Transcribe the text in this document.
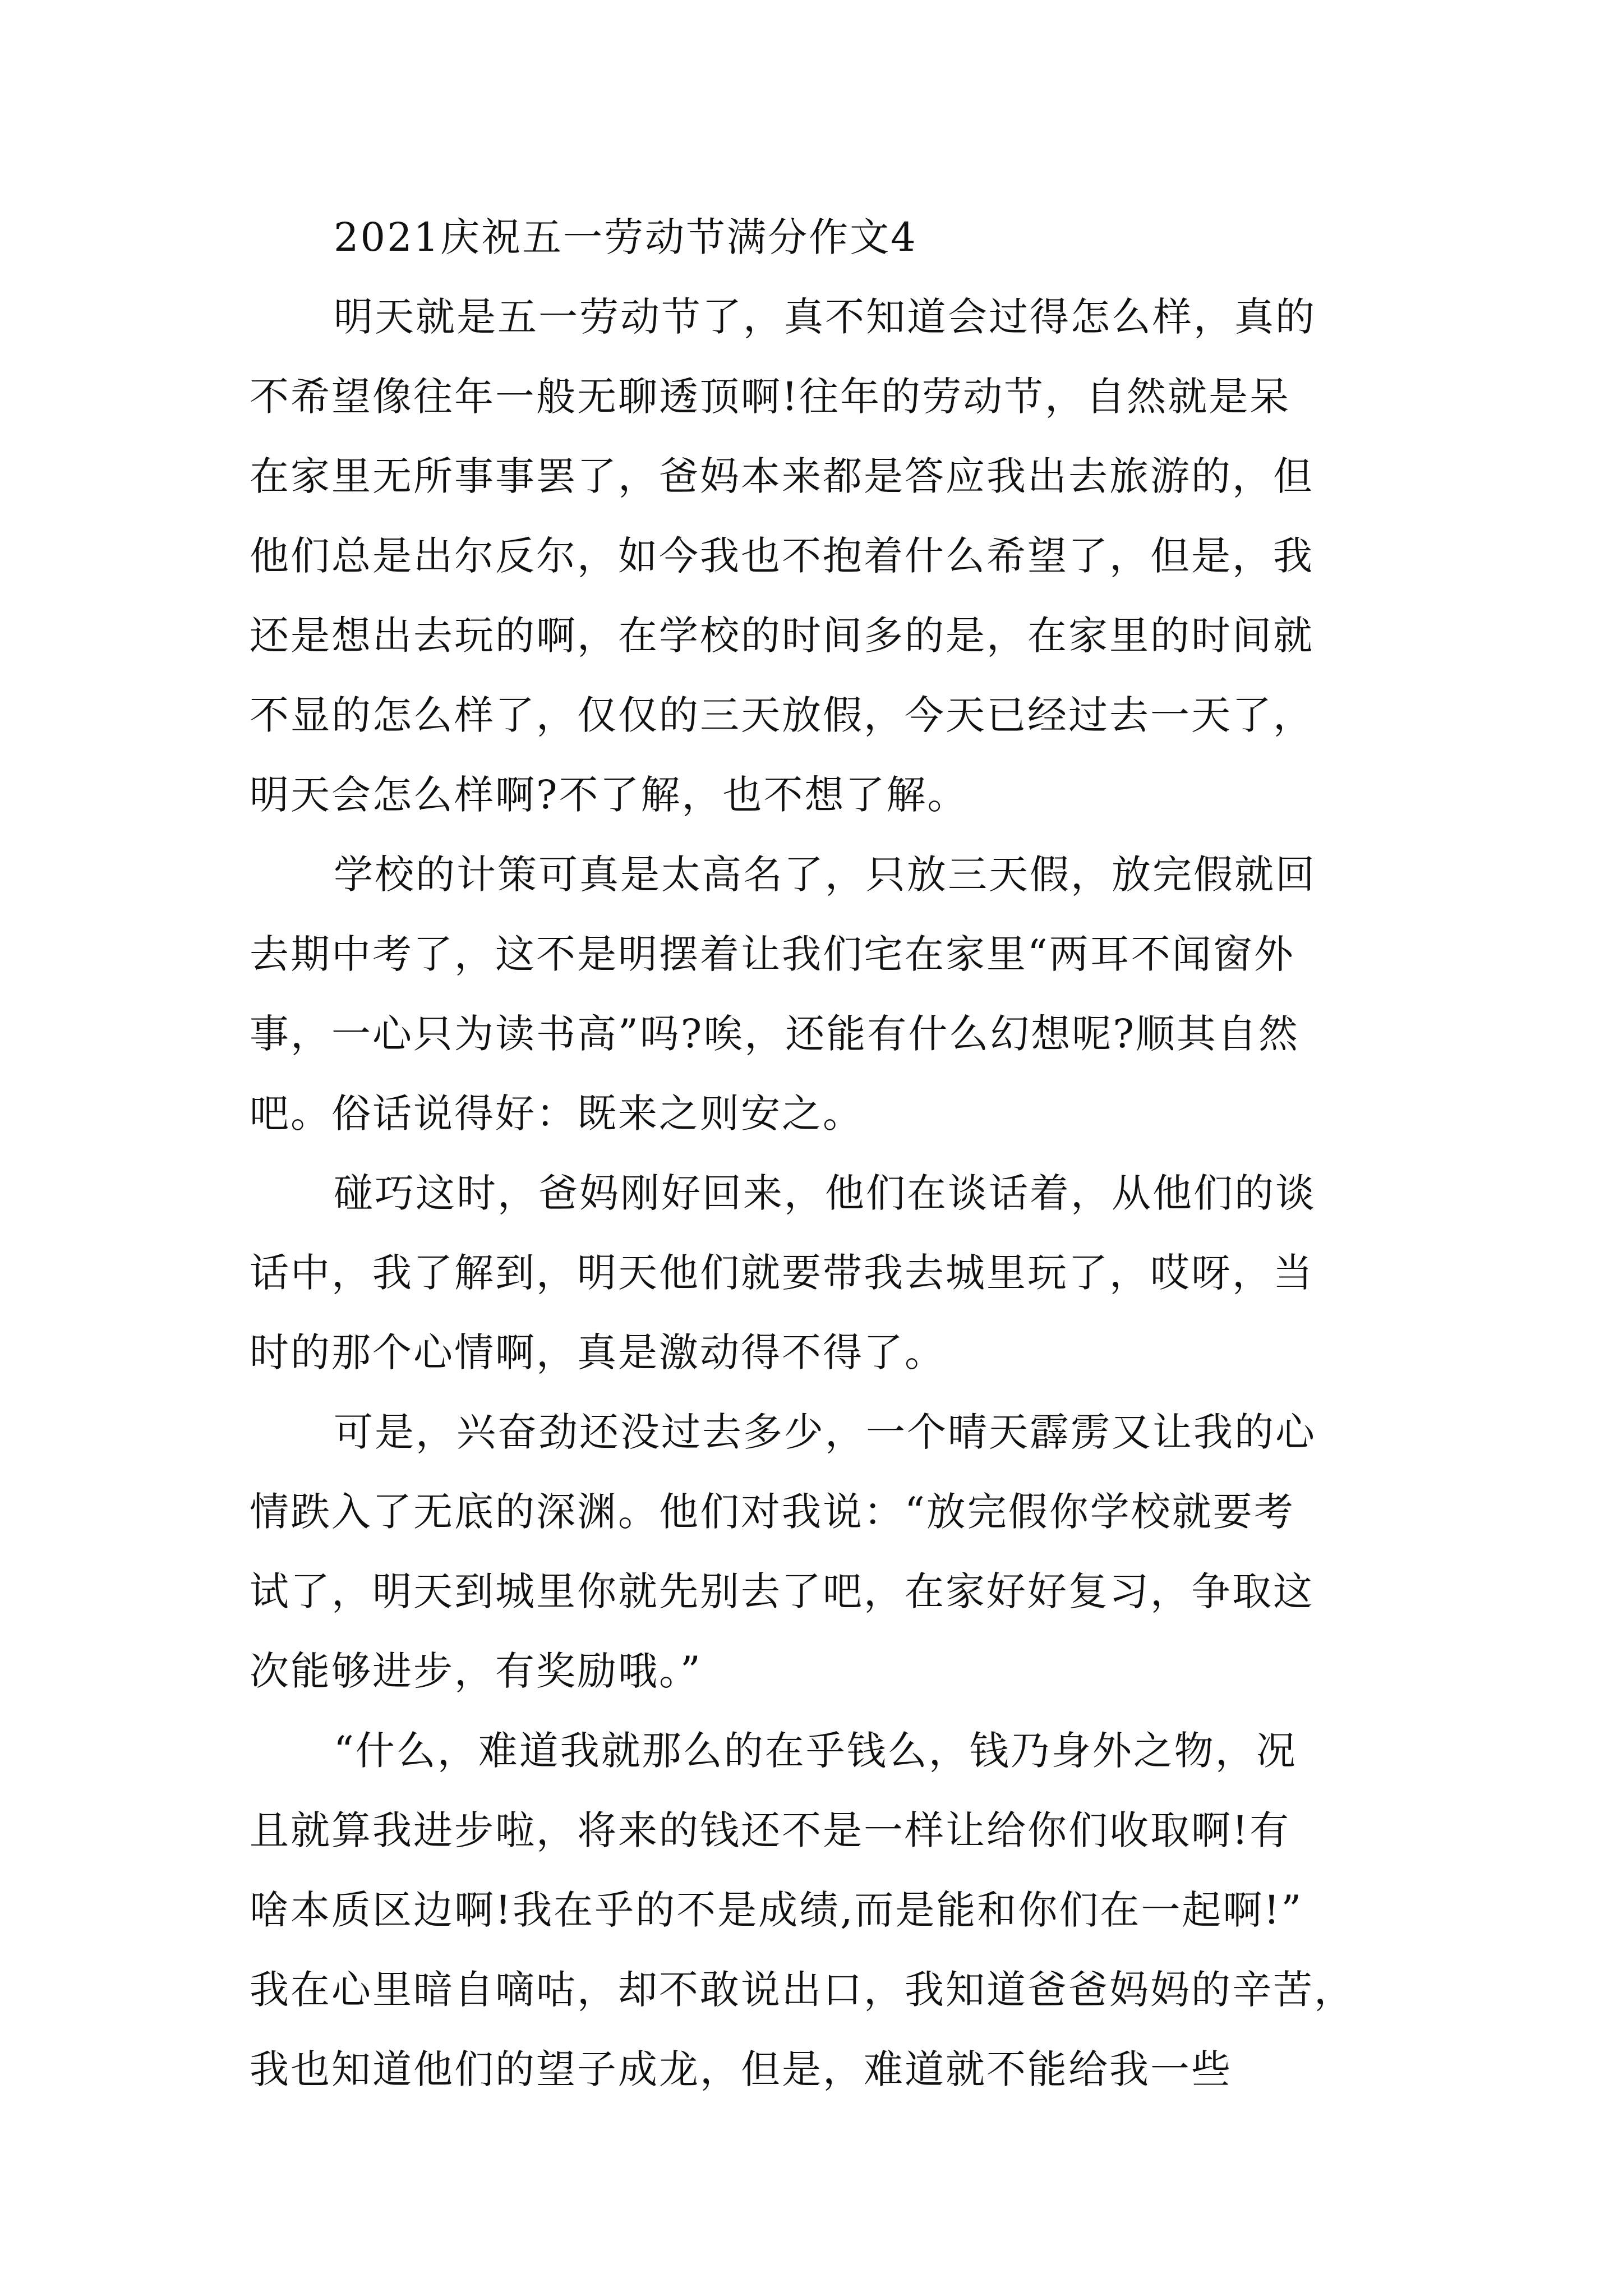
2021庆祝五一劳动节满分作文4
明天就是五一劳动节了，真不知道会过得怎么样，真的
不希望像往年一般无聊透顶啊!往年的劳动节，自然就是呆
在家里无所事事罢了，爸妈本来都是答应我出去旅游的，但
他们总是出尔反尔，如今我也不抱着什么希望了，但是，我
还是想出去玩的啊，在学校的时间多的是，在家里的时间就
不显的怎么样了，仅仅的三天放假，今天已经过去一天了，
明天会怎么样啊?不了解，也不想了解。
学校的计策可真是太高名了，只放三天假，放完假就回
去期中考了，这不是明摆着让我们宅在家里“两耳不闻窗外
事，一心只为读书高”吗?唉，还能有什么幻想呢?顺其自然
吧。俗话说得好：既来之则安之。
碰巧这时，爸妈刚好回来，他们在谈话着，从他们的谈
话中，我了解到，明天他们就要带我去城里玩了，哎呀，当
时的那个心情啊，真是激动得不得了。
可是，兴奋劲还没过去多少，一个晴天霹雳又让我的心
情跌入了无底的深渊。他们对我说：“放完假你学校就要考
试了，明天到城里你就先别去了吧，在家好好复习，争取这
次能够进步，有奖励哦。”
“什么，难道我就那么的在乎钱么，钱乃身外之物，况
且就算我进步啦，将来的钱还不是一样让给你们收取啊!有
啥本质区边啊!我在乎的不是成绩,而是能和你们在一起啊!”
我在心里暗自嘀咕，却不敢说出口，我知道爸爸妈妈的辛苦，
我也知道他们的望子成龙，但是，难道就不能给我一些
